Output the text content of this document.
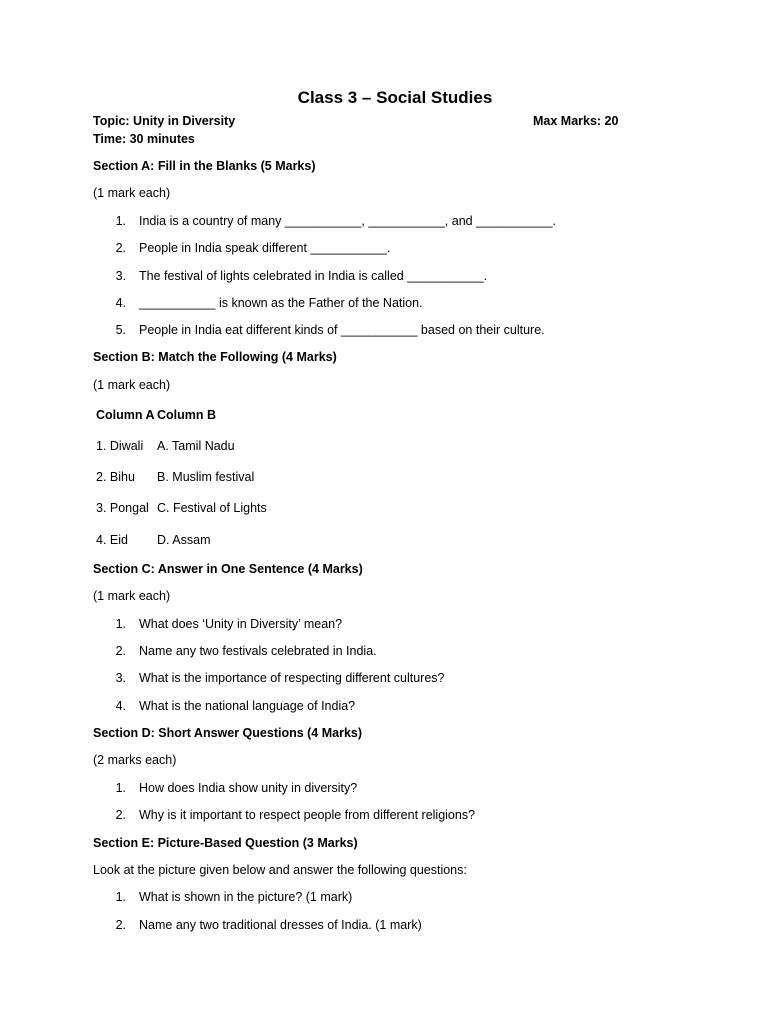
Class 3 – Social Studies
Topic: Unity in Diversity	Max Marks: 20
Time: 30 minutes
Section A: Fill in the Blanks (5 Marks)
(1 mark each)
1. India is a country of many ___________, ___________, and ___________.
2. People in India speak different ___________.
3. The festival of lights celebrated in India is called ___________.
4. ___________ is known as the Father of the Nation.
5. People in India eat different kinds of ___________ based on their culture.
Section B: Match the Following (4 Marks)
(1 mark each)
Column A Column B
1. Diwali A. Tamil Nadu
2. Bihu B. Muslim festival
3. Pongal C. Festival of Lights
4. Eid D. Assam
Section C: Answer in One Sentence (4 Marks)
(1 mark each)
1. What does ‘Unity in Diversity’ mean?
2. Name any two festivals celebrated in India.
3. What is the importance of respecting different cultures?
4. What is the national language of India?
Section D: Short Answer Questions (4 Marks)
(2 marks each)
1. How does India show unity in diversity?
2. Why is it important to respect people from different religions?
Section E: Picture-Based Question (3 Marks)
Look at the picture given below and answer the following questions:
1. What is shown in the picture? (1 mark)
2. Name any two traditional dresses of India. (1 mark)
